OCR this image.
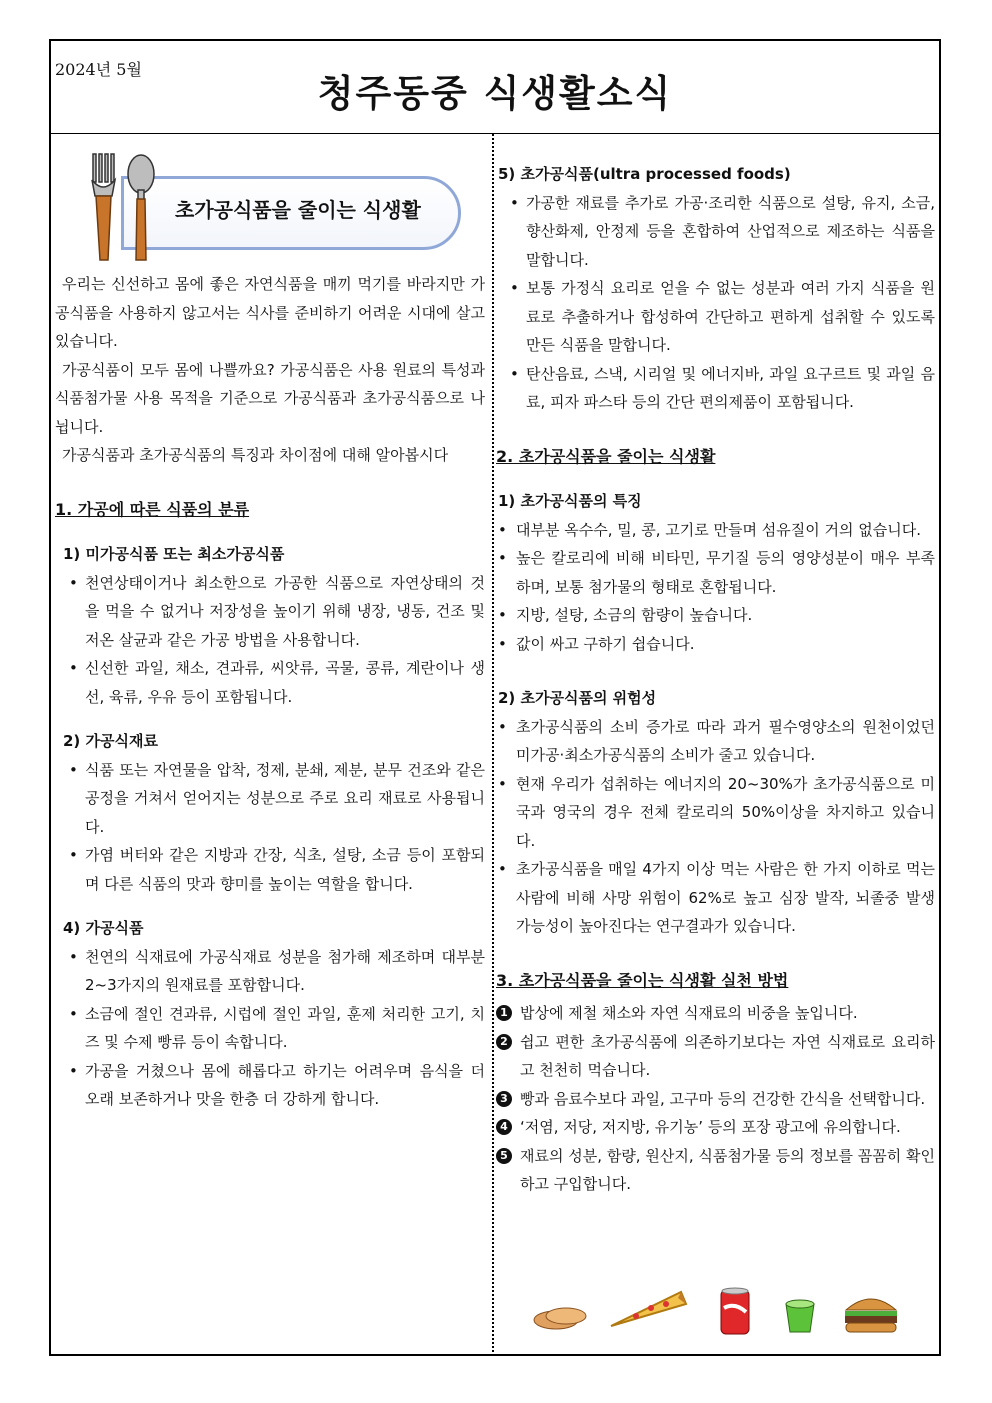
2024년 5월
청주동중 식생활소식
초가공식품을 줄이는 식생활

우리는 신선하고 몸에 좋은 자연식품을 매끼 먹기를 바라지만 가공식품을 사용하지 않고서는 식사를 준비하기 어려운 시대에 살고 있습니다.

가공식품이 모두 몸에 나쁠까요? 가공식품은 사용 원료의 특성과 식품첨가물 사용 목적을 기준으로 가공식품과 초가공식품으로 나뉩니다.

가공식품과 초가공식품의 특징과 차이점에 대해 알아봅시다

1. 가공에 따른 식품의 분류
1) 미가공식품 또는 최소가공식품
• 천연상태이거나 최소한으로 가공한 식품으로 자연상태의 것을 먹을 수 없거나 저장성을 높이기 위해 냉장, 냉동, 건조 및 저온 살균과 같은 가공 방법을 사용합니다.
• 신선한 과일, 채소, 견과류, 씨앗류, 곡물, 콩류, 계란이나 생선, 육류, 우유 등이 포함됩니다.
2) 가공식재료
• 식품 또는 자연물을 압착, 정제, 분쇄, 제분, 분무 건조와 같은 공정을 거쳐서 얻어지는 성분으로 주로 요리 재료로 사용됩니다.
• 가염 버터와 같은 지방과 간장, 식초, 설탕, 소금 등이 포함되며 다른 식품의 맛과 향미를 높이는 역할을 합니다.
4) 가공식품
• 천연의 식재료에 가공식재료 성분을 첨가해 제조하며 대부분 2~3가지의 원재료를 포함합니다.
• 소금에 절인 견과류, 시럽에 절인 과일, 훈제 처리한 고기, 치즈 및 수제 빵류 등이 속합니다.
• 가공을 거쳤으나 몸에 해롭다고 하기는 어려우며 음식을 더 오래 보존하거나 맛을 한층 더 강하게 합니다.
5) 초가공식품(ultra processed foods)
• 가공한 재료를 추가로 가공·조리한 식품으로 설탕, 유지, 소금, 향산화제, 안정제 등을 혼합하여 산업적으로 제조하는 식품을 말합니다.
• 보통 가정식 요리로 얻을 수 없는 성분과 여러 가지 식품을 원료로 추출하거나 합성하여 간단하고 편하게 섭취할 수 있도록 만든 식품을 말합니다.
• 탄산음료, 스낵, 시리얼 및 에너지바, 과일 요구르트 및 과일 음료, 피자 파스타 등의 간단 편의제품이 포함됩니다.
2. 초가공식품을 줄이는 식생활
1) 초가공식품의 특징
• 대부분 옥수수, 밀, 콩, 고기로 만들며 섬유질이 거의 없습니다.
• 높은 칼로리에 비해 비타민, 무기질 등의 영양성분이 매우 부족하며, 보통 첨가물의 형태로 혼합됩니다.
• 지방, 설탕, 소금의 함량이 높습니다.
• 값이 싸고 구하기 쉽습니다.
2) 초가공식품의 위험성
• 초가공식품의 소비 증가로 따라 과거 필수영양소의 원천이었던 미가공·최소가공식품의 소비가 줄고 있습니다.
• 현재 우리가 섭취하는 에너지의 20~30%가 초가공식품으로 미국과 영국의 경우 전체 칼로리의 50%이상을 차지하고 있습니다.
• 초가공식품을 매일 4가지 이상 먹는 사람은 한 가지 이하로 먹는 사람에 비해 사망 위험이 62%로 높고 심장 발작, 뇌졸중 발생 가능성이 높아진다는 연구결과가 있습니다.
3. 초가공식품을 줄이는 식생활 실천 방법
1 밥상에 제철 채소와 자연 식재료의 비중을 높입니다.
2 쉽고 편한 초가공식품에 의존하기보다는 자연 식재료로 요리하고 천천히 먹습니다.
3 빵과 음료수보다 과일, 고구마 등의 건강한 간식을 선택합니다.
4 ‘저염, 저당, 저지방, 유기농’ 등의 포장 광고에 유의합니다.
5 재료의 성분, 함량, 원산지, 식품첨가물 등의 정보를 꼼꼼히 확인하고 구입합니다.
